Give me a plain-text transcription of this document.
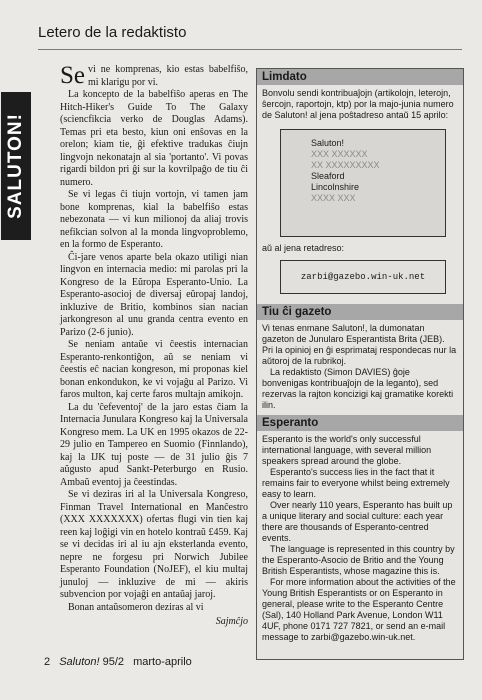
SALUTON!
Letero de la redaktisto

Se vi ne komprenas, kio estas babelfiŝo, mi klarigu por vi.

La koncepto de la babelfiŝo aperas en The Hitch-Hiker's Guide To The Galaxy (sciencfikcia verko de Douglas Adams). Temas pri eta besto, kiun oni enŝovas en la orelon; kiam tie, ĝi efektive tradukas ĉiujn lingvojn nekonatajn al sia 'portanto'. Vi povas rigardi bildon pri ĝi sur la kovrilpaĝo de tiu ĉi numero.

Se vi legas ĉi tiujn vortojn, vi tamen jam bone komprenas, kial la babelfiŝo estas nebezonata — vi kun milionoj da aliaj trovis nefikcian solvon al la monda lingvoproblemo, en la formo de Esperanto.

Ĉi-jare venos aparte bela okazo utiligi nian lingvon en internacia medio: mi parolas pri la Kongreso de la Eŭropa Esperanto-Unio. La Esperanto-asocioj de diversaj eŭropaj landoj, inkluzive de Britio, kombinos sian nacian jarkongreson al unu granda centra evento en Parizo (2-6 junio).

Se neniam antaŭe vi ĉeestis internacian Esperanto-renkontiĝon, aŭ se neniam vi ĉeestis eĉ nacian kongreson, mi proponas kiel bonan enkondukon, ke vi vojaĝu al Parizo. Vi faros multon, kaj certe faros multajn amikojn.

La du 'ĉefeventoj' de la jaro estas ĉiam la Internacia Junulara Kongreso kaj la Universala Kongreso mem. La UK en 1995 okazos de 22-29 julio en Tampereo en Suomio (Finnlando), kaj la IJK tuj poste — de 31 julio ĝis 7 aŭgusto apud Sankt-Peterburgo en Rusio. Ambaŭ eventoj ja ĉeestindas.

Se vi deziras iri al la Universala Kongreso, Finman Travel International en Manĉestro (XXX XXXXXXX) ofertas flugi vin tien kaj reen kaj loĝigi vin en hotelo kontraŭ £459. Kaj se vi decidas iri al iu ajn eksterlanda evento, nepre ne forgesu pri Norwich Jubilee Esperanto Foundation (NoJEF), el kiu multaj junuloj — inkluzive de mi — akiris subvencion por vojaĝi en antaŭaj jaroj.

Bonan antaŭsomeron deziras al vi

Sajmĉjo
Limdato

Bonvolu sendi kontribuaĵojn (artikolojn, leterojn, ŝercojn, raportojn, ktp) por la majo-junia numero de Saluton! al jena poŝtadreso antaŭ 15 aprilo:

Saluton!
XXX XXXXXX
XX XXXXXXXXX
Sleaford
Lincolnshire
XXXX XXX

aŭ al jena retadreso:

zarbi@gazebo.win-uk.net
Tiu ĉi gazeto

Vi tenas enmane Saluton!, la dumonatan gazeton de Junularo Esperantista Brita (JEB). Pri la opinioj en ĝi esprimataj respondecas nur la aŭtoroj de la rubrikoj.

La redaktisto (Simon DAVIES) ĝoje bonvenigas kontribuaĵojn de la leganto), sed rezervas la rajton koncizigi kaj gramatike korekti ilin.

Esperanto

Esperanto is the world's only successful international language, with several million speakers spread around the globe.

Esperanto's success lies in the fact that it remains fair to everyone whilst being extremely easy to learn.

Over nearly 110 years, Esperanto has built up a unique literary and social culture: each year there are thousands of Esperanto-centred events.

The language is represented in this country by the Esperanto-Asocio de Britio and the Young British Esperantists, whose magazine this is.

For more information about the activities of the Young British Esperantists or on Esperanto in general, please write to the Esperanto Centre (Sal), 140 Holland Park Avenue, London W11 4UF, phone 0171 727 7821, or send an e-mail message to zarbi@gazebo.win-uk.net.

2 Saluton! 95/2 marto-aprilo
